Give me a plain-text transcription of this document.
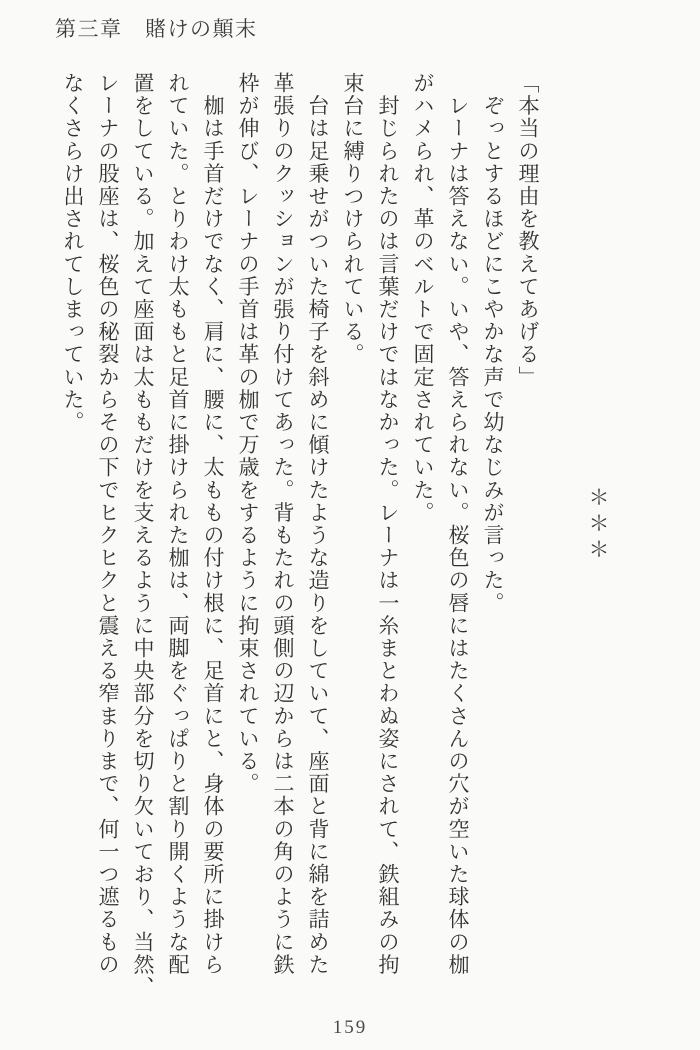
第三章　賭けの顛末
＊＊＊

「本当の理由を教えてあげる」
　ぞっとするほどにこやかな声で幼なじみが言った。
　レーナは答えない。いや、答えられない。桜色の唇にはたくさんの穴が空いた球体の枷
がハメられ、革のベルトで固定されていた。
　封じられたのは言葉だけではなかった。レーナは一糸まとわぬ姿にされて、鉄組みの拘
束台に縛りつけられている。
　台は足乗せがついた椅子を斜めに傾けたような造りをしていて、座面と背に綿を詰めた
革張りのクッションが張り付けてあった。背もたれの頭側の辺からは二本の角のように鉄
枠が伸び、レーナの手首は革の枷で万歳をするように拘束されている。
　枷は手首だけでなく、肩に、腰に、太ももの付け根に、足首にと、身体の要所に掛けら
れていた。とりわけ太ももと足首に掛けられた枷は、両脚をぐっぱりと割り開くような配
置をしている。加えて座面は太ももだけを支えるように中央部分を切り欠いており、当然、
レーナの股座は、桜色の秘裂からその下でヒクヒクと震える窄まりまで、何一つ遮るもの
なくさらけ出されてしまっていた。
159
